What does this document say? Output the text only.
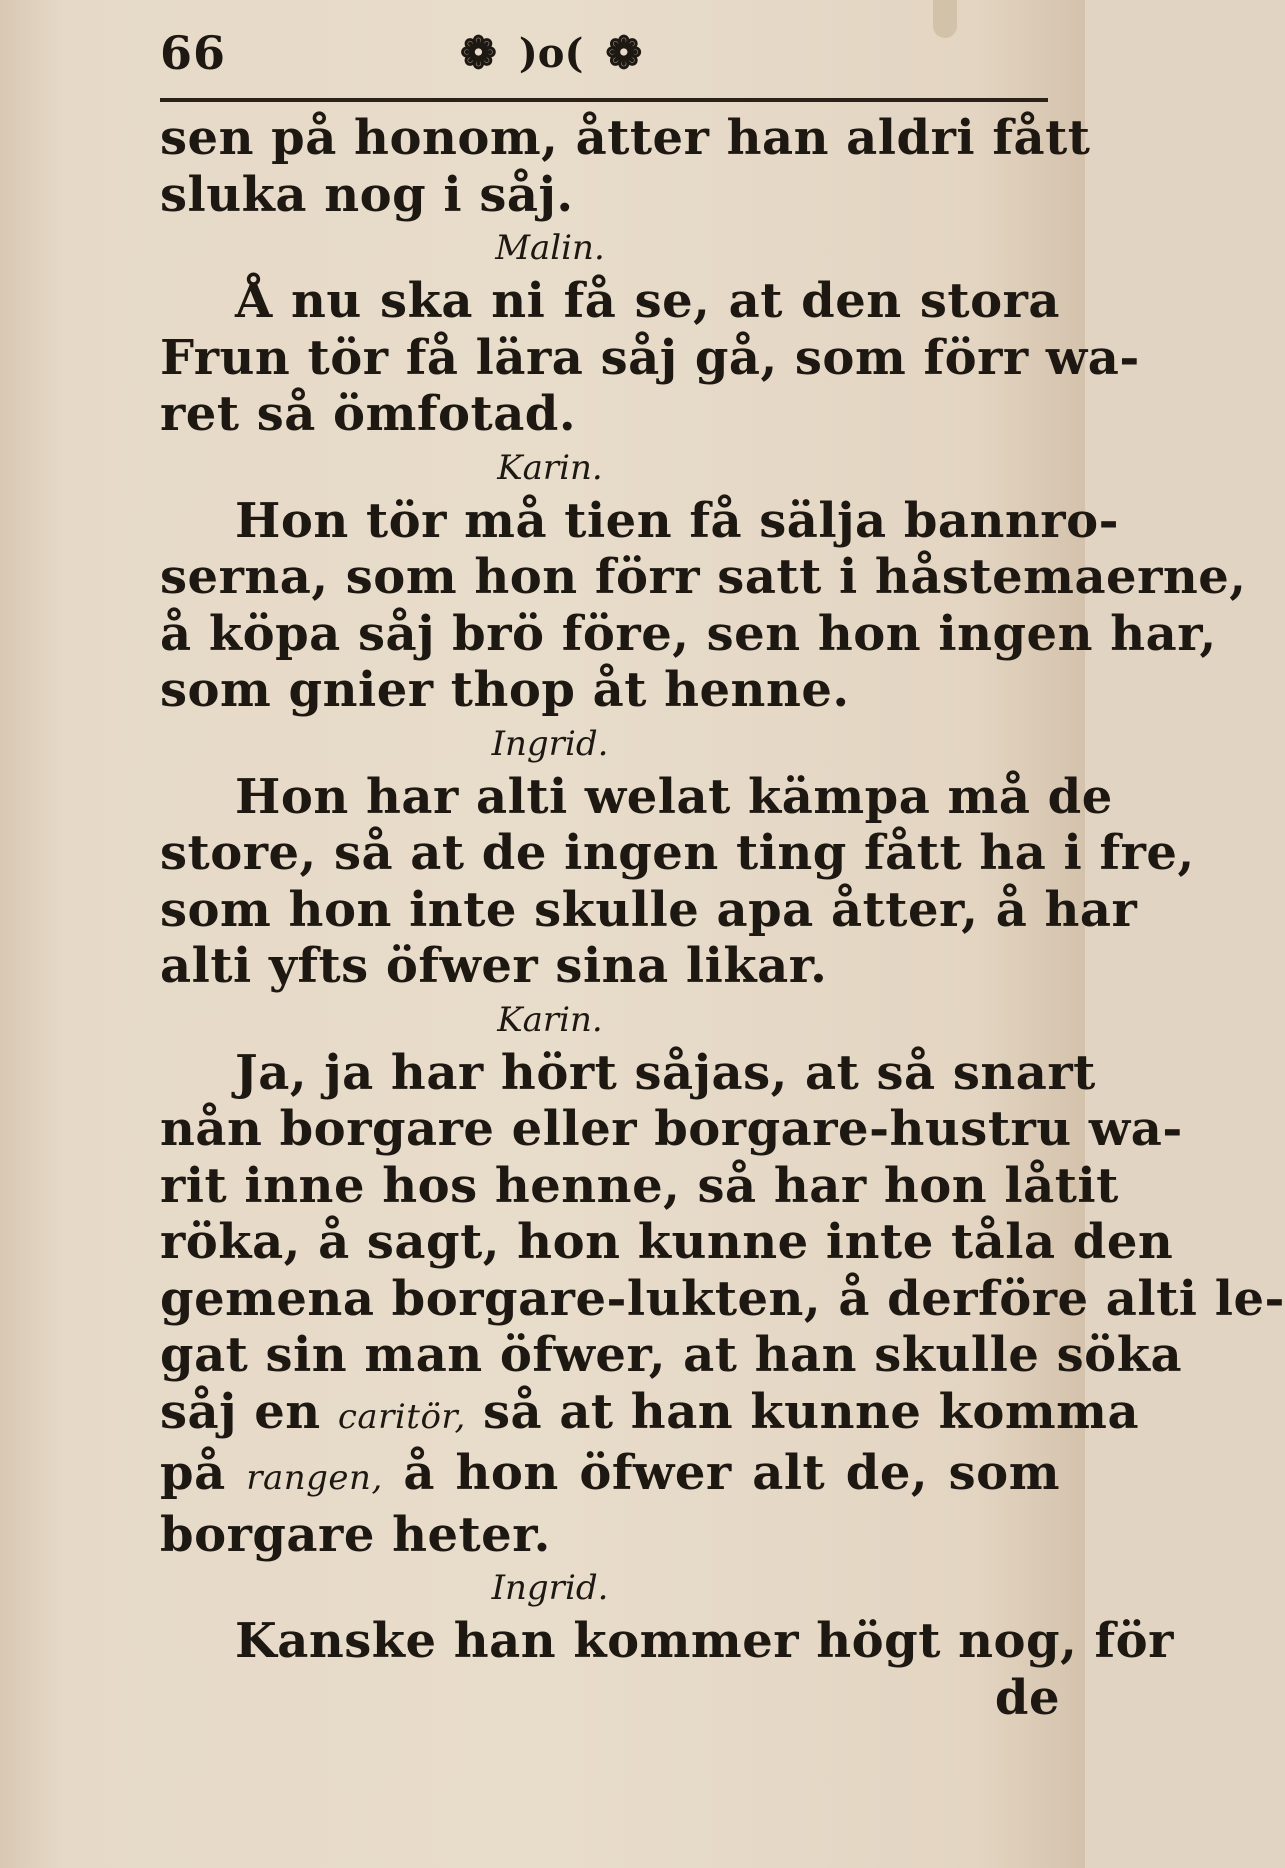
66	❁ )o( ❁
sen på honom, åtter han aldri fått
sluka nog i såj.
Malin.
Å nu ska ni få se, at den stora
Frun tör få lära såj gå, som förr wa-
ret så ömfotad.
Karin.
Hon tör må tien få sälja bannro-
serna, som hon förr satt i håstemaerne,
å köpa såj brö före, sen hon ingen har,
som gnier thop åt henne.
Ingrid.
Hon har alti welat kämpa må de
store, så at de ingen ting fått ha i fre,
som hon inte skulle apa åtter, å har
alti yfts öfwer sina likar.
Karin.
Ja, ja har hört såjas, at så snart
nån borgare eller borgare-hustru wa-
rit inne hos henne, så har hon låtit
röka, å sagt, hon kunne inte tåla den
gemena borgare-lukten, å derföre alti le-
gat sin man öfwer, at han skulle söka
såj en caritör, så at han kunne komma
på rangen, å hon öfwer alt de, som
borgare heter.
Ingrid.
Kanske han kommer högt nog, för
de
